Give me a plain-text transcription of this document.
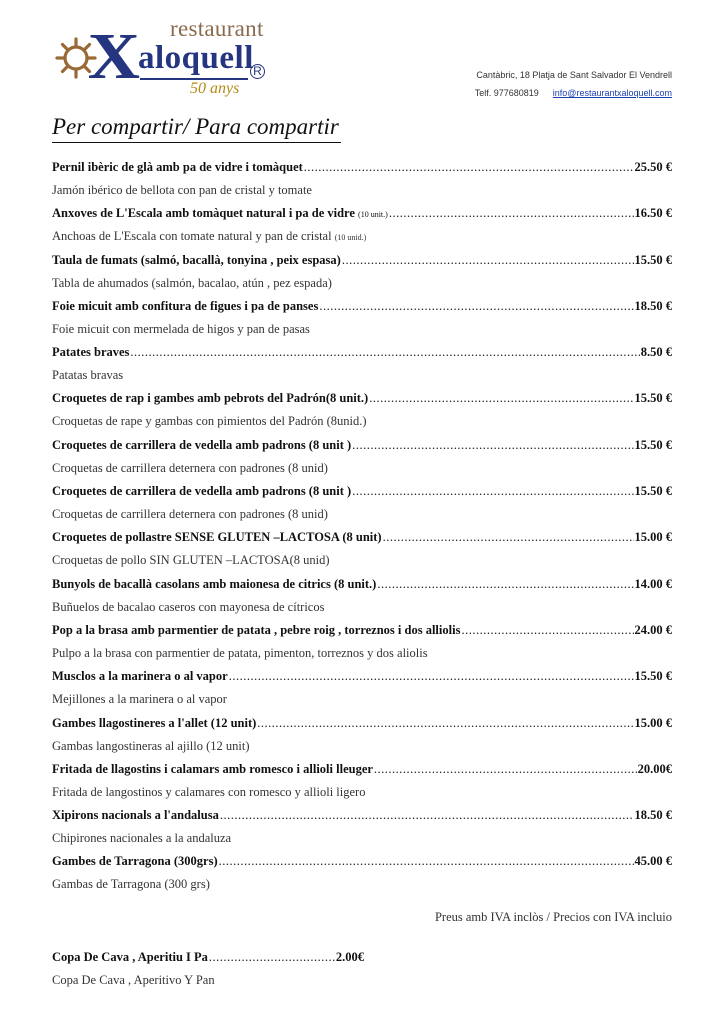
restaurant
X
aloquell R
50 anys
Cantàbric, 18 Platja de Sant Salvador El Vendrell
Telf. 977680819 info@restaurantxaloquell.com
Per compartir/ Para compartir
Pernil ibèric de glà amb pa de vidre i tomàquet .....	25.50 €
Jamón ibérico de bellota con pan de cristal y tomate
Anxoves de L'Escala amb tomàquet natural i pa de vidre (10 unit.) .....	16.50 €
Anchoas de L'Escala con tomate natural y pan de cristal (10 unid.)
Taula de fumats (salmó, bacallà, tonyina , peix espasa) .....	15.50 €
Tabla de ahumados (salmón, bacalao, atún , pez espada)
Foie micuit amb confitura de figues i pa de panses .....	18.50 €
Foie micuit con mermelada de higos y pan de pasas
Patates braves .....	8.50 €
Patatas bravas
Croquetes de rap i gambes amb pebrots del Padrón(8 unit.) .....	15.50 €
Croquetas de rape y gambas con pimientos del Padrón (8unid.)
Croquetes de carrillera de vedella amb padrons (8 unit ) .....	15.50 €
Croquetas de carrillera deternera con padrones (8 unid)
Croquetes de carrillera de vedella amb padrons (8 unit ) .....	15.50 €
Croquetas de carrillera deternera con padrones (8 unid)
Croquetes de pollastre SENSE GLUTEN –LACTOSA (8 unit) .....	15.00 €
Croquetas de pollo SIN GLUTEN –LACTOSA(8 unid)
Bunyols de bacallà casolans amb maionesa de citrics (8 unit.) .....	14.00 €
Buñuelos de bacalao caseros con mayonesa de cítricos
Pop a la brasa amb parmentier de patata , pebre roig , torreznos i dos alliolis .....	24.00 €
Pulpo a la brasa con parmentier de patata, pimenton, torreznos y dos aliolis
Musclos a la marinera o al vapor .....	15.50 €
Mejillones a la marinera o al vapor
Gambes llagostineres a l'allet (12 unit) .....	15.00 €
Gambas langostineras al ajillo (12 unit)
Fritada de llagostins i calamars amb romesco i allioli lleuger .....	20.00€
Fritada de langostinos y calamares con romesco y allioli ligero
Xipirons nacionals a l'andalusa .....	18.50 €
Chipirones nacionales a la andaluza
Gambes de Tarragona (300grs) .....	45.00 €
Gambas de Tarragona (300 grs)
Preus amb IVA inclòs / Precios con IVA incluio
Copa De Cava , Aperitiu I Pa .....	2.00€
Copa De Cava , Aperitivo Y Pan
